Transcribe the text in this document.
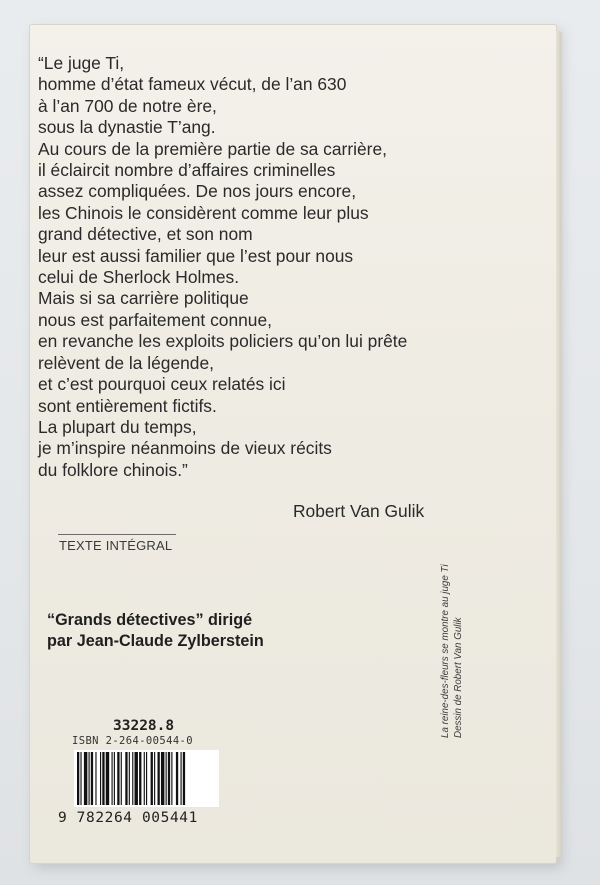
“Le juge Ti,
homme d’état fameux vécut, de l’an 630
à l’an 700 de notre ère,
sous la dynastie T’ang.
Au cours de la première partie de sa carrière,
il éclaircit nombre d’affaires criminelles
assez compliquées. De nos jours encore,
les Chinois le considèrent comme leur plus
grand détective, et son nom
leur est aussi familier que l’est pour nous
celui de Sherlock Holmes.
Mais si sa carrière politique
nous est parfaitement connue,
en revanche les exploits policiers qu’on lui prête
relèvent de la légende,
et c’est pourquoi ceux relatés ici
sont entièrement fictifs.
La plupart du temps,
je m’inspire néanmoins de vieux récits
du folklore chinois.”
Robert Van Gulik
TEXTE INTÉGRAL
“Grands détectives” dirigé
par Jean-Claude Zylberstein
33228.8
ISBN 2-264-00544-0
9 782264 005441
La reine-des-fleurs se montre au juge Ti Dessin de Robert Van Gulik
